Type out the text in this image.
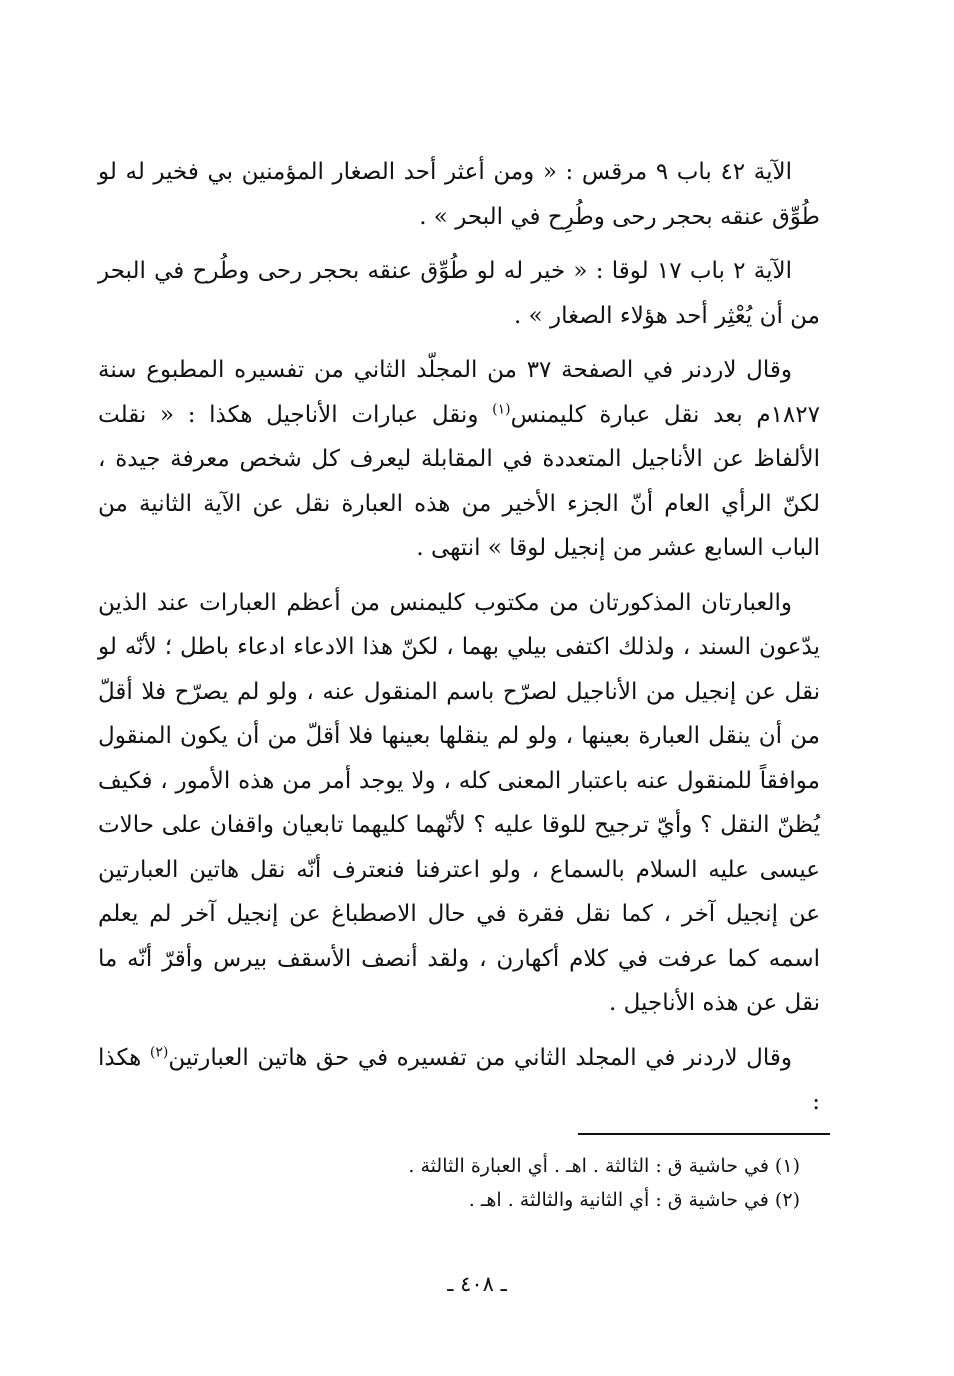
الآية ٤٢ باب ٩ مرقس : « ومن أعثر أحد الصغار المؤمنين بي فخير له لو طُوِّق عنقه بحجر رحى وطُرِح في البحر » .

الآية ٢ باب ١٧ لوقا : « خير له لو طُوِّق عنقه بحجر رحى وطُرح في البحر من أن يُعْثِر أحد هؤلاء الصغار » .

وقال لاردنر في الصفحة ٣٧ من المجلّد الثاني من تفسيره المطبوع سنة ١٨٢٧م بعد نقل عبارة كليمنس$^{(١)}$ ونقل عبارات الأناجيل هكذا : « نقلت الألفاظ عن الأناجيل المتعددة في المقابلة ليعرف كل شخص معرفة جيدة ، لكنّ الرأي العام أنّ الجزء الأخير من هذه العبارة نقل عن الآية الثانية من الباب السابع عشر من إنجيل لوقا » انتهى .

والعبارتان المذكورتان من مكتوب كليمنس من أعظم العبارات عند الذين يدّعون السند ، ولذلك اكتفى بيلي بهما ، لكنّ هذا الادعاء ادعاء باطل ؛ لأنّه لو نقل عن إنجيل من الأناجيل لصرّح باسم المنقول عنه ، ولو لم يصرّح فلا أقلّ من أن ينقل العبارة بعينها ، ولو لم ينقلها بعينها فلا أقلّ من أن يكون المنقول موافقاً للمنقول عنه باعتبار المعنى كله ، ولا يوجد أمر من هذه الأمور ، فكيف يُظنّ النقل ؟ وأيّ ترجيح للوقا عليه ؟ لأنّهما كليهما تابعيان واقفان على حالات عيسى عليه السلام بالسماع ، ولو اعترفنا فنعترف أنّه نقل هاتين العبارتين عن إنجيل آخر ، كما نقل فقرة في حال الاصطباغ عن إنجيل آخر لم يعلم اسمه كما عرفت في كلام أكهارن ، ولقد أنصف الأسقف بيرس وأقرّ أنّه ما نقل عن هذه الأناجيل .

وقال لاردنر في المجلد الثاني من تفسيره في حق هاتين العبارتين$^{(٢)}$ هكذا :

(١) في حاشية ق : الثالثة . اهـ . أي العبارة الثالثة .

(٢) في حاشية ق : أي الثانية والثالثة . اهـ .

ـ ٤٠٨ ـ
